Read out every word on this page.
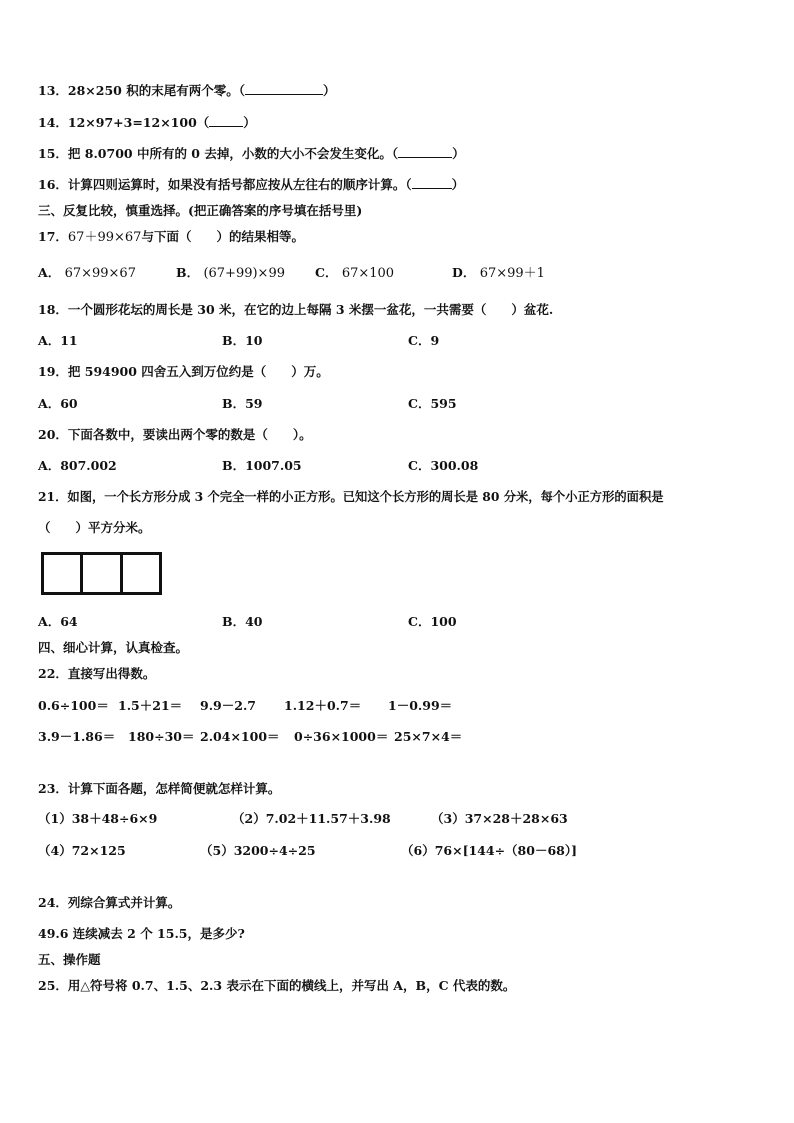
13．28×250 积的末尾有两个零。（	）
14．12×97+3=12×100（	）
15．把 8.0700 中所有的 0 去掉，小数的大小不会发生变化。（	）
16．计算四则运算时，如果没有括号都应按从左往右的顺序计算。（	）
三、反复比较，慎重选择。(把正确答案的序号填在括号里)
17．67＋99×67与下面（　　）的结果相等。
A． 67×99×67	B． (67+99)×99 C． 67×100	D． 67×99＋1
18．一个圆形花坛的周长是 30 米，在它的边上每隔 3 米摆一盆花，一共需要（　　）盆花.
A．11	B．10	C．9
19．把 594900 四舍五入到万位约是（　　）万。
A．60	B．59	C．595
20．下面各数中，要读出两个零的数是（　　）。
A．807.002	B．1007.05	C．300.08
21．如图，一个长方形分成 3 个完全一样的小正方形。已知这个长方形的周长是 80 分米，每个小正方形的面积是
（　　）平方分米。
A．64	B．40	C．100
四、细心计算，认真检查。
22．直接写出得数。
0.6÷100＝ 1.5＋21＝ 9.9－2.7 1.12＋0.7＝ 1－0.99＝
3.9－1.86＝ 180÷30＝ 2.04×100＝ 0÷36×1000＝ 25×7×4＝
23．计算下面各题，怎样简便就怎样计算。
（1）38＋48÷6×9	（2）7.02＋11.57＋3.98	（3）37×28＋28×63
（4）72×125	（5）3200÷4÷25	（6）76×[144÷（80－68）]
24．列综合算式并计算。
49.6 连续减去 2 个 15.5，是多少?
五、操作题
25．用△符号将 0.7、1.5、2.3 表示在下面的横线上，并写出 A，B，C 代表的数。
